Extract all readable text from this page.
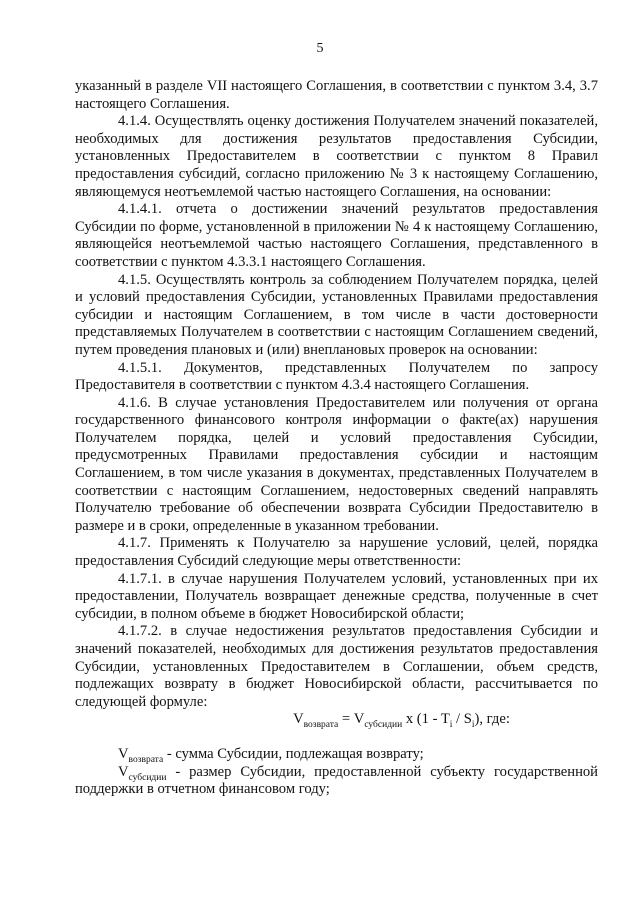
5

указанный в разделе VII настоящего Соглашения, в соответствии с пунктом 3.4, 3.7 настоящего Соглашения.

4.1.4. Осуществлять оценку достижения Получателем значений показателей, необходимых для достижения результатов предоставления Субсидии, установленных Предоставителем в соответствии с пунктом 8 Правил предоставления субсидий, согласно приложению № 3 к настоящему Соглашению, являющемуся неотъемлемой частью настоящего Соглашения, на основании:

4.1.4.1. отчета о достижении значений результатов предоставления Субсидии по форме, установленной в приложении № 4 к настоящему Соглашению, являющейся неотъемлемой частью настоящего Соглашения, представленного в соответствии с пунктом 4.3.3.1 настоящего Соглашения.

4.1.5. Осуществлять контроль за соблюдением Получателем порядка, целей и условий предоставления Субсидии, установленных Правилами предоставления субсидии и настоящим Соглашением, в том числе в части достоверности представляемых Получателем в соответствии с настоящим Соглашением сведений, путем проведения плановых и (или) внеплановых проверок на основании:

4.1.5.1. Документов, представленных Получателем по запросу Предоставителя в соответствии с пунктом 4.3.4 настоящего Соглашения.

4.1.6. В случае установления Предоставителем или получения от органа государственного финансового контроля информации о факте(ах) нарушения Получателем порядка, целей и условий предоставления Субсидии, предусмотренных Правилами предоставления субсидии и настоящим Соглашением, в том числе указания в документах, представленных Получателем в соответствии с настоящим Соглашением, недостоверных сведений направлять Получателю требование об обеспечении возврата Субсидии Предоставителю в размере и в сроки, определенные в указанном требовании.

4.1.7. Применять к Получателю за нарушение условий, целей, порядка предоставления Субсидий следующие меры ответственности:

4.1.7.1. в случае нарушения Получателем условий, установленных при их предоставлении, Получатель возвращает денежные средства, полученные в счет субсидии, в полном объеме в бюджет Новосибирской области;

4.1.7.2. в случае недостижения результатов предоставления Субсидии и значений показателей, необходимых для достижения результатов предоставления Субсидии, установленных Предоставителем в Соглашении, объем средств, подлежащих возврату в бюджет Новосибирской области, рассчитывается по следующей формуле:

$V_{возврата} = V_{субсидии}$ x $(1 - T_i / S_i)$, где:

$V_{возврата}$ - сумма Субсидии, подлежащая возврату;

$V_{субсидии}$ - размер Субсидии, предоставленной субъекту государственной поддержки в отчетном финансовом году;
